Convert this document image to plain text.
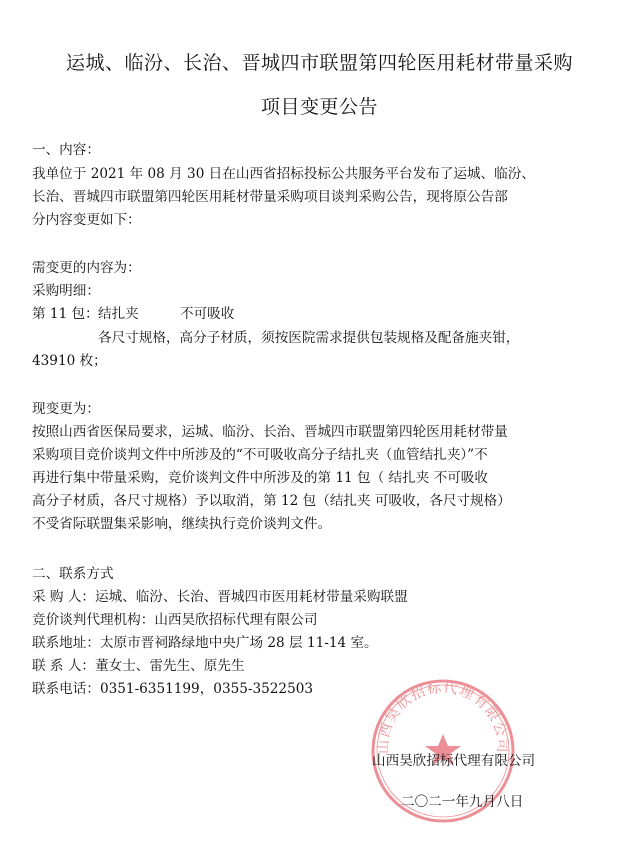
运城、临汾、长治、晋城四市联盟第四轮医用耗材带量采购
项目变更公告
一、内容：
我单位于 2021 年 08 月 30 日在山西省招标投标公共服务平台发布了运城、临汾、
长治、晋城四市联盟第四轮医用耗材带量采购项目谈判采购公告，现将原公告部
分内容变更如下：
需变更的内容为：
采购明细：
第 11 包： 结扎夹	不可吸收
各尺寸规格，高分子材质，须按医院需求提供包装规格及配备施夹钳，
43910 枚；
现变更为：
按照山西省医保局要求，运城、临汾、长治、晋城四市联盟第四轮医用耗材带量
采购项目竞价谈判文件中所涉及的“不可吸收高分子结扎夹（血管结扎夹）”不
再进行集中带量采购，竞价谈判文件中所涉及的第 11 包（ 结扎夹 不可吸收
高分子材质，各尺寸规格）予以取消，第 12 包（结扎夹 可吸收，各尺寸规格）
不受省际联盟集采影响，继续执行竞价谈判文件。
二、联系方式
采 购 人：运城、临汾、长治、晋城四市医用耗材带量采购联盟
竞价谈判代理机构：山西昊欣招标代理有限公司
联系地址：太原市晋祠路绿地中央广场 28 层 11-14 室。
联 系 人：董女士、雷先生、原先生
联系电话：0351-6351199，0355-3522503
山西昊欣招标代理有限公司
山西昊欣招标代理有限公司
二〇二一年九月八日
